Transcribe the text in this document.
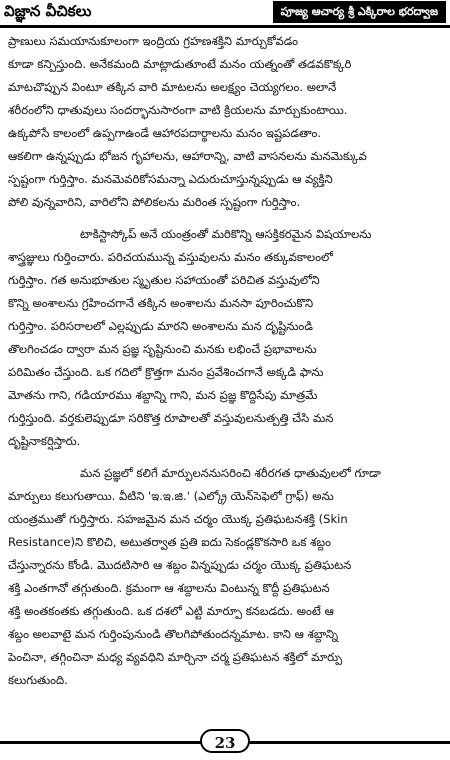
విజ్ఞాన వీచికలు	పూజ్య ఆచార్య శ్రీ ఎక్కిరాల భరద్వాజ
ప్రాణులు సమయానుకూలంగా ఇంద్రియ గ్రహణశక్తిని మార్చుకోవడం
కూడా కన్పిస్తుంది. అనేకమంది మాట్లాడుతూంటే మనం యత్నంతో తడవకొక్కరి
మాటచొప్పున వింటూ తక్కిన వారి మాటలను అలక్ష్యం చెయ్యగలం. అలానే
శరీరంలోని ధాతువులు సందర్భానుసారంగా వాటి క్రియలను మార్చుకుంటాయి.
ఉక్కపోసే కాలంలో ఉప్పగాఉండే ఆహారపదార్థాలను మనం ఇష్టపడతాం.
ఆకలిగా ఉన్నప్పుడు భోజన గృహాలను, ఆహారాన్ని, వాటి వాసనలను మనమెక్కువ
స్పష్టంగా గుర్తిస్తాం. మనమెవరికోసమన్నా ఎదురుచూస్తున్నప్పుడు ఆ వ్యక్తిని
పోలి వున్నవారిని, వారిలోని పోలికలను మరింత స్పష్టంగా గుర్తిస్తాం.
టాకిస్టాస్కోప్ అనే యంత్రంతో మరికొన్ని ఆసక్తికరమైన విషయాలను
శాస్త్రజ్ఞులు గుర్తించారు. పరిచయమున్న వస్తువులను మనం తక్కువకాలంలో
గుర్తిస్తాం. గత అనుభూతుల స్మృతుల సహాయంతో పరిచిత వస్తువులోని
కొన్ని అంశాలను గ్రహించగానే తక్కిన అంశాలను మనసా పూరించుకొని
గుర్తిస్తాం. పరిసరాలలో ఎల్లప్పుడు మారని అంశాలను మన దృష్టినుండి
తొలగించడం ద్వారా మన ప్రజ్ఞ సృష్టినుంచి మనకు లభించే ప్రభావాలను
పరిమితం చేస్తుంది. ఒక గదిలో క్రొత్తగా మనం ప్రవేశించగానే అక్కడి ఫాను
మోతను గాని, గడియారము శబ్దాన్ని గాని, మన ప్రజ్ఞ కొద్దిసేపు మాత్రమే
గుర్తిస్తుంది. వర్తకులెప్పుడూ సరికొత్త రూపాలతో వస్తువులనుత్పత్తి చేసి మన
దృష్టినాకర్షిస్తారు.
మన ప్రజ్ఞలో కలిగే మార్పులననుసరించి శరీరగత ధాతువులలో గూడా
మార్పులు కలుగుతాయి. వీటిని 'ఇ.ఇ.జి.' (ఎల్క్రో యెన్‌సెఫెలో గ్రాఫ్) అను
యంత్రముతో గుర్తిస్తారు. సహజమైన మన చర్మం యొక్క ప్రతిఘటనశక్తి (Skin
Resistance)ని కొలిచి, అటుతర్వాత ప్రతి ఐదు సెకండ్లకొకసారి ఒక శబ్దం
చేస్తున్నారను కోండి. మొదటిసారి ఆ శబ్దం విన్నప్పుడు చర్మం యొక్క ప్రతిఘటన
శక్తి ఎంతగానో తగ్గుతుంది. క్రమంగా ఆ శబ్దాలను వింటున్న కొద్దీ ప్రతిఘటన
శక్తి అంతకంతకు తగ్గుతుంది. ఒక దశలో ఎట్టి మార్పూ కనబడదు. అంటే ఆ
శబ్దం అలవాటై మన గుర్తింపునుండి తొలగిపోతుందన్నమాట. కాని ఆ శబ్దాన్ని
పెంచినా, తగ్గించినా మధ్య వ్యవధిని మార్చినా చర్మ ప్రతిఘటన శక్తిలో మార్పు
కలుగుతుంది.
23
